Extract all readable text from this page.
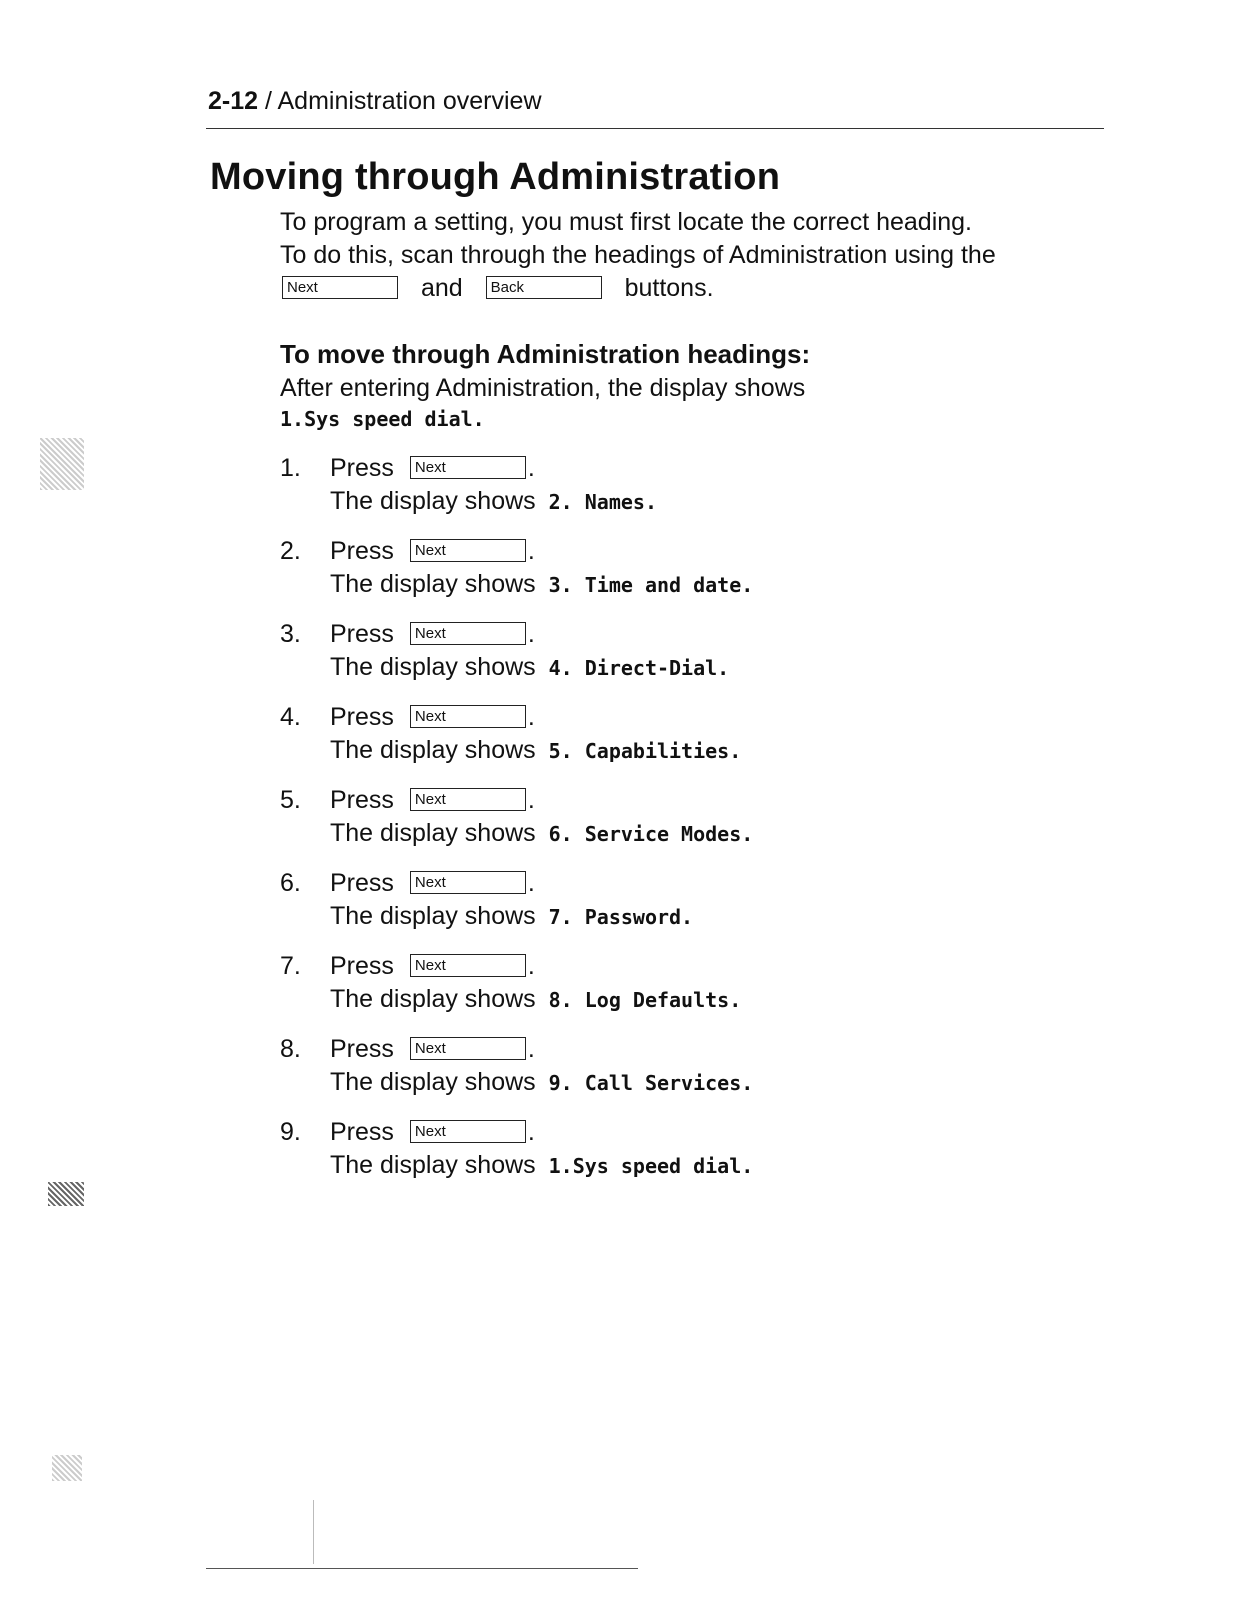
2-12 / Administration overview
Moving through Administration

To program a setting, you must first locate the correct heading.

To do this, scan through the headings of Administration using the

Next	and Back	buttons.

To move through Administration headings:
After entering Administration, the display shows
1.Sys speed dial.
1. Press Next	.
The display shows 2. Names.
2. Press Next	.
The display shows 3. Time and date.
3. Press Next	.
The display shows 4. Direct-Dial.
4. Press Next	.
The display shows 5. Capabilities.
5. Press Next	.
The display shows 6. Service Modes.
6. Press Next	.
The display shows 7. Password.
7. Press Next	.
The display shows 8. Log Defaults.
8. Press Next	.
The display shows 9. Call Services.
9. Press Next	.
The display shows 1.Sys speed dial.
